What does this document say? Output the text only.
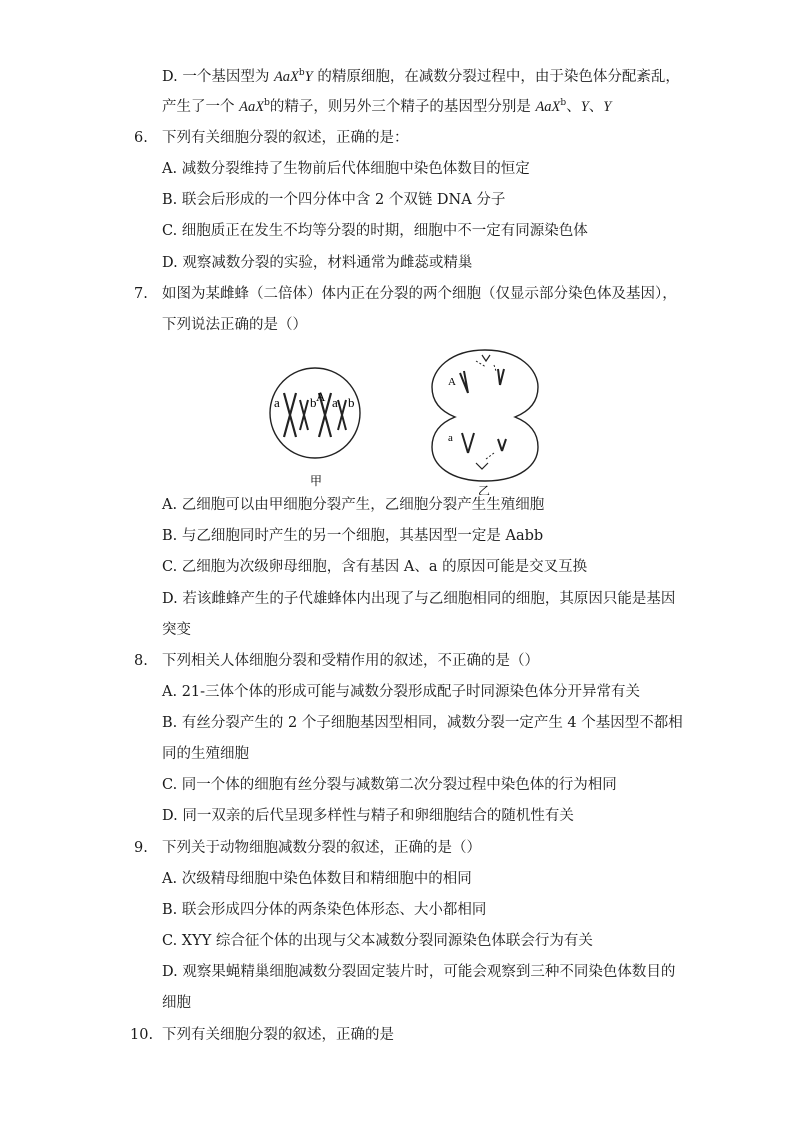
D. 一个基因型为 AaX$^b$Y 的精原细胞，在减数分裂过程中，由于染色体分配紊乱，
产生了一个 AaX$^b$的精子，则另外三个精子的基因型分别是 AaX$^b$、Y、Y
6. 下列有关细胞分裂的叙述，正确的是：
A. 减数分裂维持了生物前后代体细胞中染色体数目的恒定
B. 联会后形成的一个四分体中含 2 个双链 DNA 分子
C. 细胞质正在发生不均等分裂的时期，细胞中不一定有同源染色体
D. 观察减数分裂的实验，材料通常为雌蕊或精巢
7. 如图为某雌蜂（二倍体）体内正在分裂的两个细胞（仅显示部分染色体及基因），
下列说法正确的是（）
a b A a b
甲
A
a
乙
A. 乙细胞可以由甲细胞分裂产生，乙细胞分裂产生生殖细胞
B. 与乙细胞同时产生的另一个细胞，其基因型一定是 Aabb
C. 乙细胞为次级卵母细胞，含有基因 A、a 的原因可能是交叉互换
D. 若该雌蜂产生的子代雄蜂体内出现了与乙细胞相同的细胞，其原因只能是基因
突变
8. 下列相关人体细胞分裂和受精作用的叙述，不正确的是（）
A. 21-三体个体的形成可能与减数分裂形成配子时同源染色体分开异常有关
B. 有丝分裂产生的 2 个子细胞基因型相同，减数分裂一定产生 4 个基因型不都相
同的生殖细胞
C. 同一个体的细胞有丝分裂与减数第二次分裂过程中染色体的行为相同
D. 同一双亲的后代呈现多样性与精子和卵细胞结合的随机性有关
9. 下列关于动物细胞减数分裂的叙述，正确的是（）
A. 次级精母细胞中染色体数目和精细胞中的相同
B. 联会形成四分体的两条染色体形态、大小都相同
C. XYY 综合征个体的出现与父本减数分裂同源染色体联会行为有关
D. 观察果蝇精巢细胞减数分裂固定装片时，可能会观察到三种不同染色体数目的
细胞
10. 下列有关细胞分裂的叙述，正确的是
